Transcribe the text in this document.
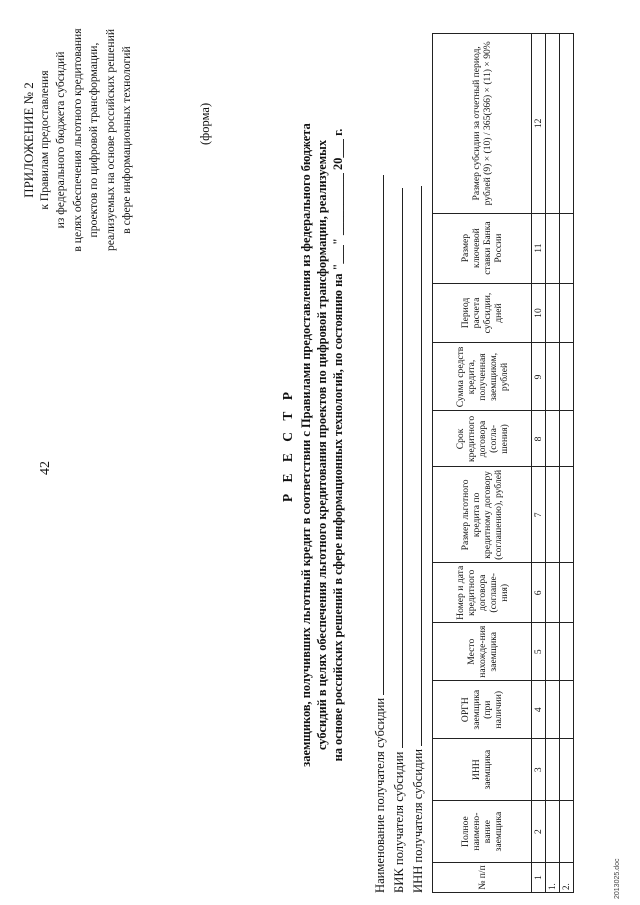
42
ПРИЛОЖЕНИЕ № 2 к Правилам предоставления из федерального бюджета субсидий в целях обеспечения льготного кредитования проектов по цифровой трансформации, реализуемых на основе российских решений в сфере информационных технологий	(форма)
Р Е Е С Т Р заемщиков, получивших льготный кредит в соответствии с Правилами предоставления из федерального бюджета субсидий в целях обеспечения льготного кредитования проектов по цифровой трансформации, реализуемых на основе российских решений в сфере информационных технологий, по состоянию на "___" __________ 20___ г.
Наименование получателя субсидии БИК получателя субсидии ИНН получателя субсидии	№ п/п	Полное наимено-вание заемщика	ИНН заемщика	ОРГН заемщика (при наличии)	Место нахожде-ния заемщика	Номер и дата кредитного договора (соглаше-ния)	Размер льготного кредита по кредитному договору (соглашению), рублей	Срок кредитного договора (согла-шения)	Сумма средств кредита, полученная заемщиком, рублей	Период расчета субсидии, дней	Размер ключевой ставки Банка России	Размер субсидии за отчетный период, рублей (9) × (10) / 365(366) × (11) × 90%
1	2	3	4	5	6	7	8	9	10	11	12
1.											
2.												2013025.doc
